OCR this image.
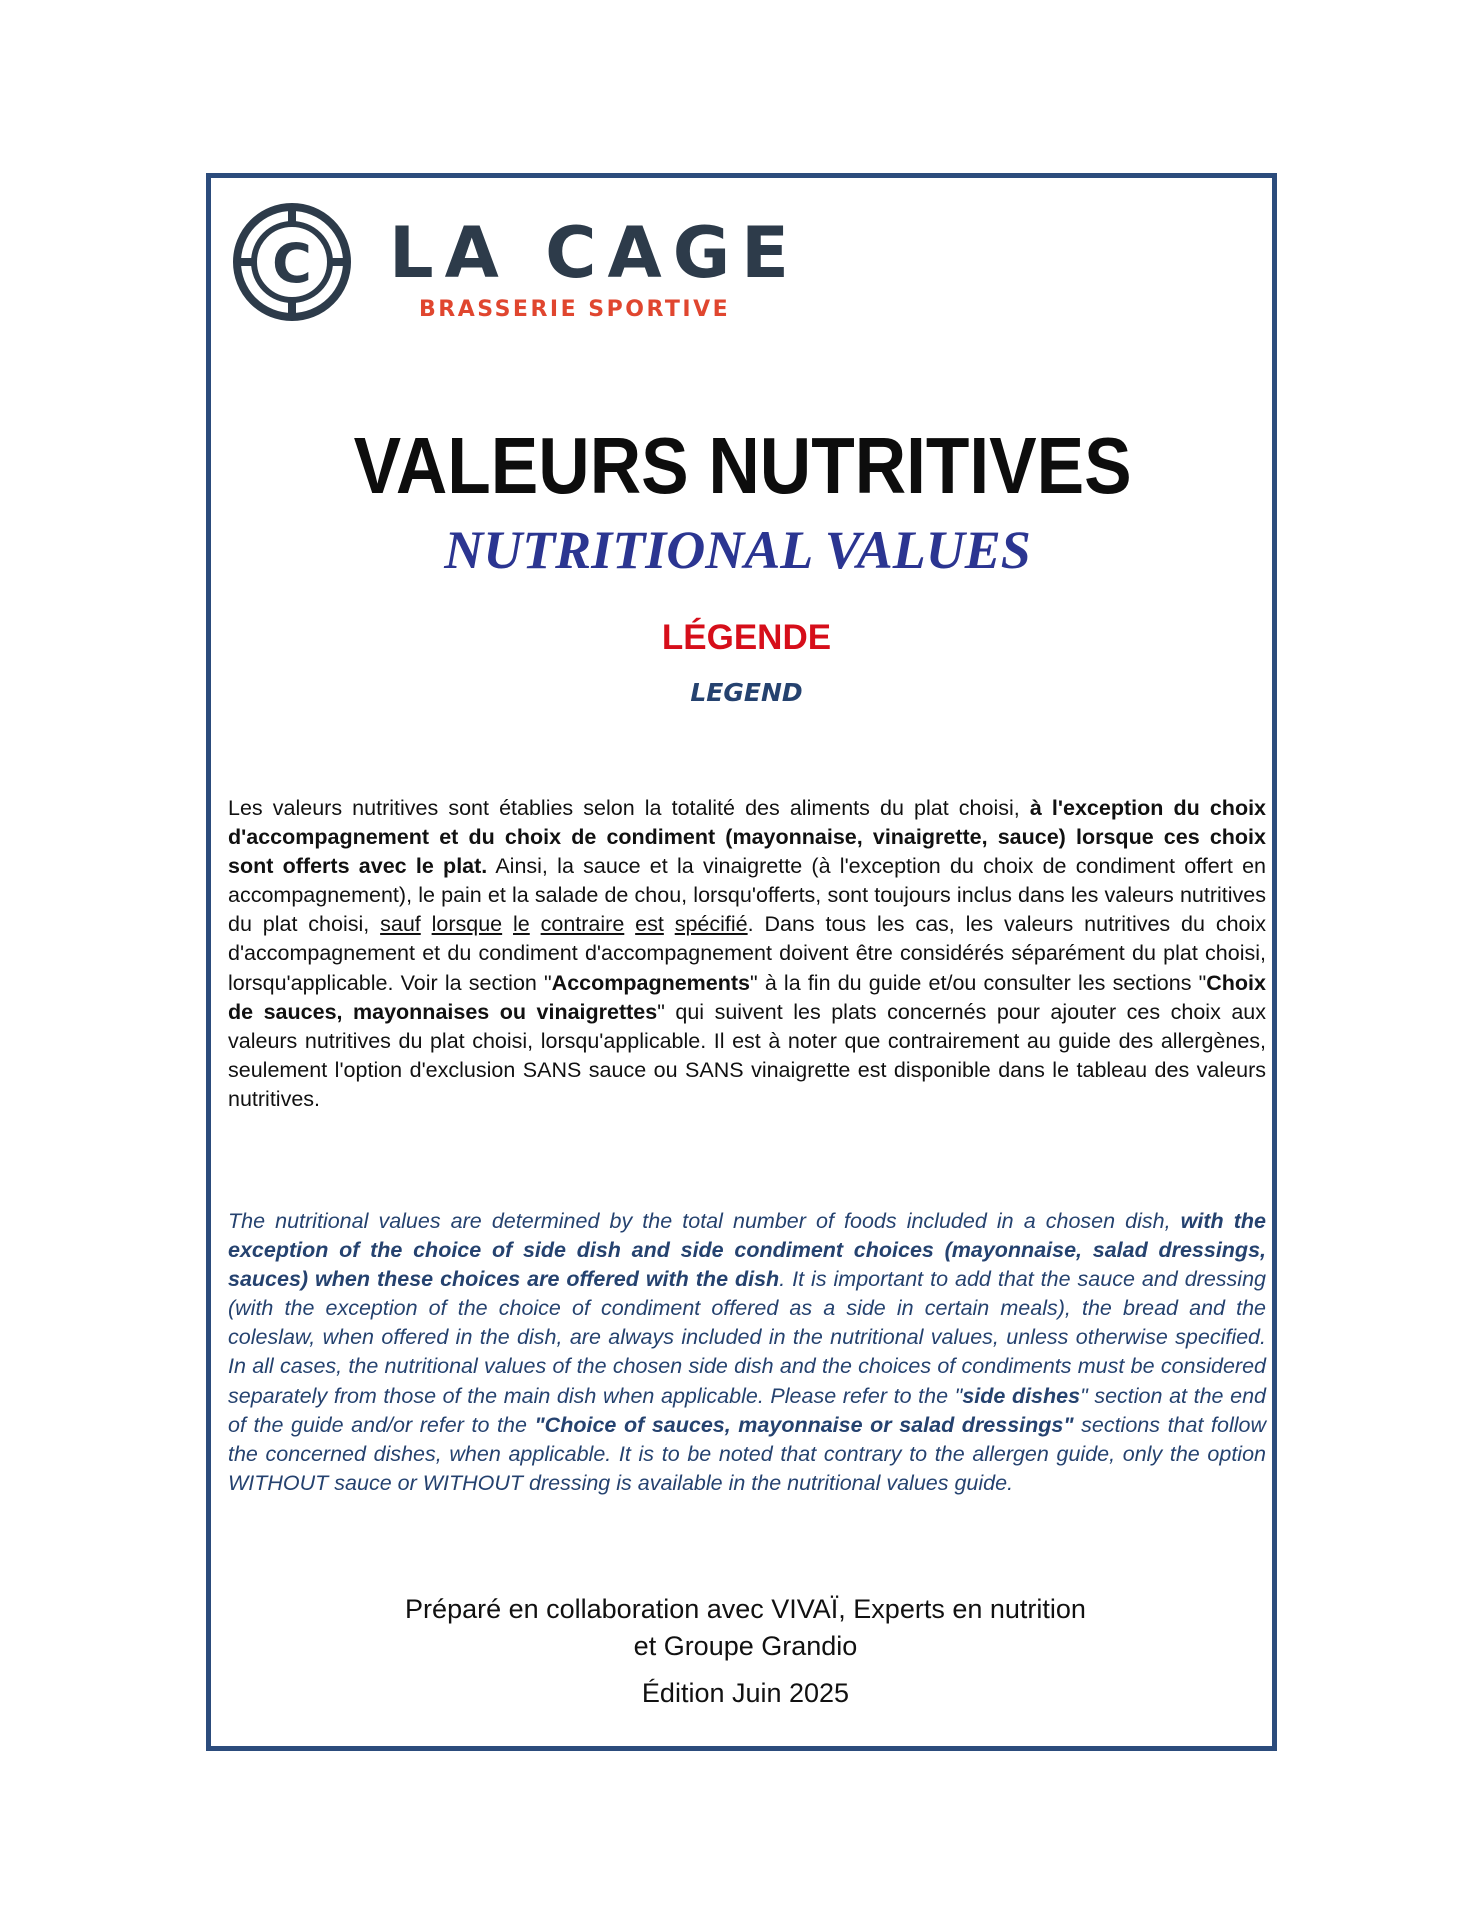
C LA CAGE
BRASSERIE SPORTIVE
VALEURS NUTRITIVES
NUTRITIONAL VALUES
LÉGENDE
LEGEND

Les valeurs nutritives sont établies selon la totalité des aliments du plat choisi, à l'exception du choix d'accompagnement et du choix de condiment (mayonnaise, vinaigrette, sauce) lorsque ces choix sont offerts avec le plat. Ainsi, la sauce et la vinaigrette (à l'exception du choix de condiment offert en accompagnement), le pain et la salade de chou, lorsqu'offerts, sont toujours inclus dans les valeurs nutritives du plat choisi, sauf lorsque le contraire est spécifié. Dans tous les cas, les valeurs nutritives du choix d'accompagnement et du condiment d'accompagnement doivent être considérés séparément du plat choisi, lorsqu'applicable. Voir la section "Accompagnements" à la fin du guide et/ou consulter les sections "Choix de sauces, mayonnaises ou vinaigrettes" qui suivent les plats concernés pour ajouter ces choix aux valeurs nutritives du plat choisi, lorsqu'applicable. Il est à noter que contrairement au guide des allergènes, seulement l'option d'exclusion SANS sauce ou SANS vinaigrette est disponible dans le tableau des valeurs nutritives.

The nutritional values are determined by the total number of foods included in a chosen dish, with the exception of the choice of side dish and side condiment choices (mayonnaise, salad dressings, sauces) when these choices are offered with the dish. It is important to add that the sauce and dressing (with the exception of the choice of condiment offered as a side in certain meals), the bread and the coleslaw, when offered in the dish, are always included in the nutritional values, unless otherwise specified. In all cases, the nutritional values of the chosen side dish and the choices of condiments must be considered separately from those of the main dish when applicable. Please refer to the "side dishes" section at the end of the guide and/or refer to the "Choice of sauces, mayonnaise or salad dressings" sections that follow the concerned dishes, when applicable. It is to be noted that contrary to the allergen guide, only the option WITHOUT sauce or WITHOUT dressing is available in the nutritional values guide.

Préparé en collaboration avec VIVAÏ, Experts en nutrition
et Groupe Grandio
Édition Juin 2025
